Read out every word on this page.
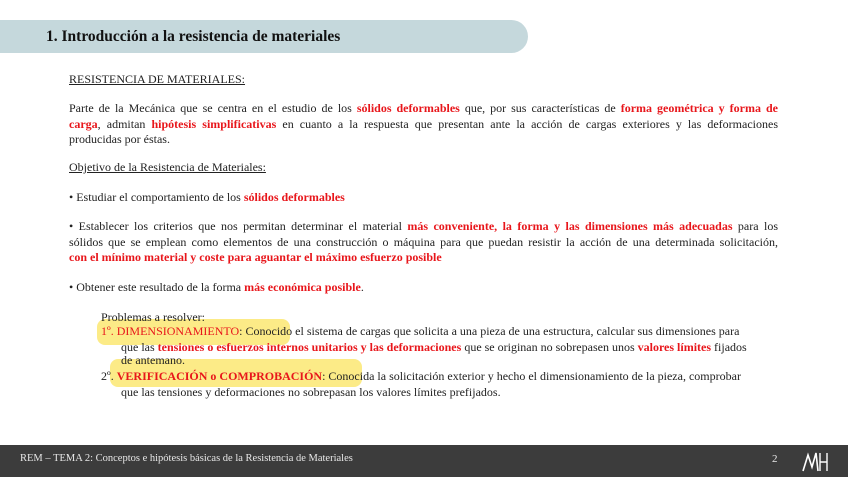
1. Introducción a la resistencia de materiales
RESISTENCIA DE MATERIALES:
Parte de la Mecánica que se centra en el estudio de los sólidos deformables que, por sus características de forma geométrica y forma de
carga, admitan hipótesis simplificativas en cuanto a la respuesta que presentan ante la acción de cargas exteriores y las deformaciones
producidas por éstas.
Objetivo de la Resistencia de Materiales:
• Estudiar el comportamiento de los sólidos deformables
• Establecer los criterios que nos permitan determinar el material más conveniente, la forma y las dimensiones más adecuadas para los
sólidos que se emplean como elementos de una construcción o máquina para que puedan resistir la acción de una determinada solicitación,
con el mínimo material y coste para aguantar el máximo esfuerzo posible
• Obtener este resultado de la forma más económica posible.
Problemas a resolver:
1º. DIMENSIONAMIENTO: Conocido el sistema de cargas que solicita a una pieza de una estructura, calcular sus dimensiones para
que las tensiones o esfuerzos internos unitarios y las deformaciones que se originan no sobrepasen unos valores límites fijados
de antemano.
2º. VERIFICACIÓN o COMPROBACIÓN: Conocida la solicitación exterior y hecho el dimensionamiento de la pieza, comprobar
que las tensiones y deformaciones no sobrepasan los valores límites prefijados.
REM – TEMA 2: Conceptos e hipótesis básicas de la Resistencia de Materiales	2
